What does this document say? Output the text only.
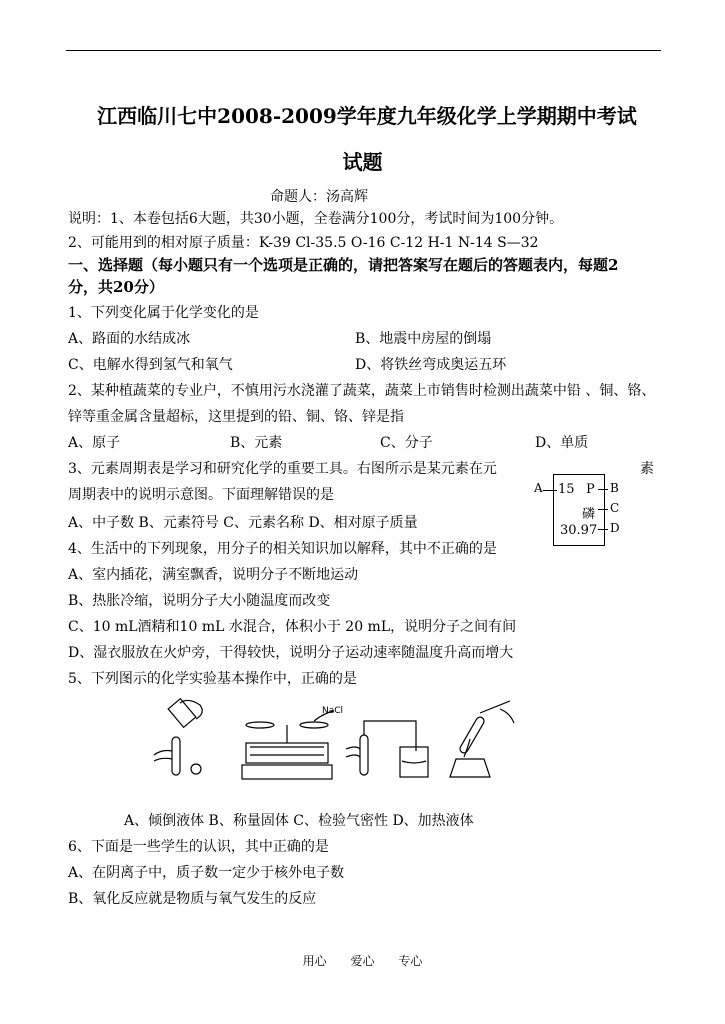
江西临川七中2008-2009学年度九年级化学上学期期中考试
试题
命题人：汤高辉
说明：1、本卷包括6大题，共30小题，全卷满分100分，考试时间为100分钟。
2、可能用到的相对原子质量：K-39 Cl-35.5 O-16 C-12 H-1 N-14 S—32
一、选择题（每小题只有一个选项是正确的，请把答案写在题后的答题表内，每题2
分，共20分）
1、下列变化属于化学变化的是
A、路面的水结成冰	B、地震中房屋的倒塌
C、电解水得到氢气和氧气	D、将铁丝弯成奥运五环
2、某种植蔬菜的专业户，不慎用污水浇灌了蔬菜，蔬菜上市销售时检测出蔬菜中铅 、铜、铬、
锌等重金属含量超标，这里提到的铅、铜、铬、锌是指
A、原子	B、元素	C、分子	D、单质
3、元素周期表是学习和研究化学的重要工具。右图所示是某元素在元	素
周期表中的说明示意图。下面理解错误的是
A、中子数 B、元素符号 C、元素名称 D、相对原子质量
15 P
磷
30.97
A	B
C
D
4、生活中的下列现象，用分子的相关知识加以解释，其中不正确的是
A、室内插花，满室飘香，说明分子不断地运动
B、热胀冷缩，说明分子大小随温度而改变
C、10 mL酒精和10 mL 水混合，体积小于 20 mL，说明分子之间有间
D、湿衣服放在火炉旁，干得较快，说明分子运动速率随温度升高而增大
5、下列图示的化学实验基本操作中，正确的是
NaCl
A、倾倒液体 B、称量固体 C、检验气密性 D、加热液体
6、下面是一些学生的认识，其中正确的是
A、在阴离子中，质子数一定少于核外电子数
B、氧化反应就是物质与氧气发生的反应
用心 爱心 专心
